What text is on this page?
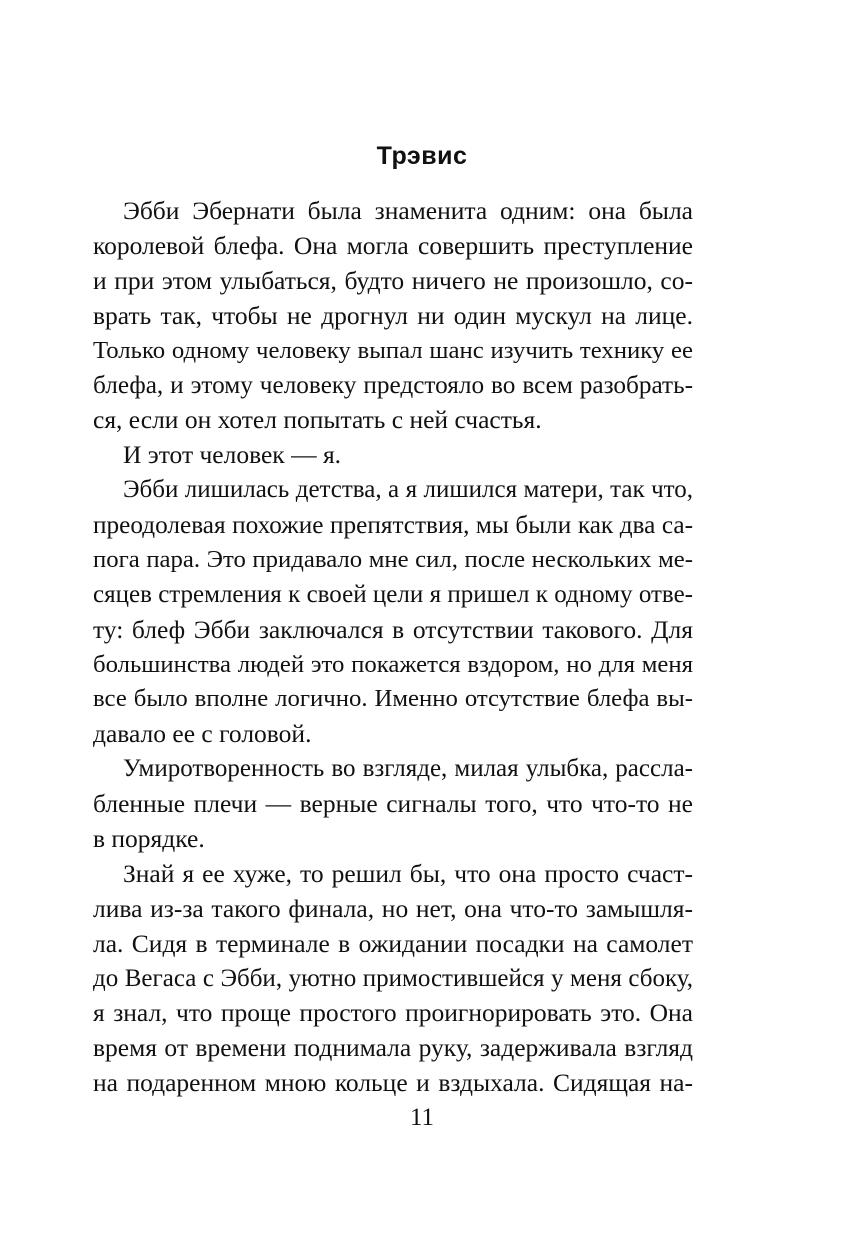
Трэвис
Эбби Эбернати была знаменита одним: она была
королевой блефа. Она могла совершить преступление
и при этом улыбаться, будто ничего не произошло, со-
врать так, чтобы не дрогнул ни один мускул на лице.
Только одному человеку выпал шанс изучить технику ее
блефа, и этому человеку предстояло во всем разобрать-
ся, если он хотел попытать с ней счастья.
И этот человек — я.
Эбби лишилась детства, а я лишился матери, так что,
преодолевая похожие препятствия, мы были как два са-
пога пара. Это придавало мне сил, после нескольких ме-
сяцев стремления к своей цели я пришел к одному отве-
ту: блеф Эбби заключался в отсутствии такового. Для
большинства людей это покажется вздором, но для меня
все было вполне логично. Именно отсутствие блефа вы-
давало ее с головой.
Умиротворенность во взгляде, милая улыбка, рассла-
бленные плечи — верные сигналы того, что что-то не
в порядке.
Знай я ее хуже, то решил бы, что она просто счаст-
лива из-за такого финала, но нет, она что-то замышля-
ла. Сидя в терминале в ожидании посадки на самолет
до Вегаса с Эбби, уютно примостившейся у меня сбоку,
я знал, что проще простого проигнорировать это. Она
время от времени поднимала руку, задерживала взгляд
на подаренном мною кольце и вздыхала. Сидящая на-
11
